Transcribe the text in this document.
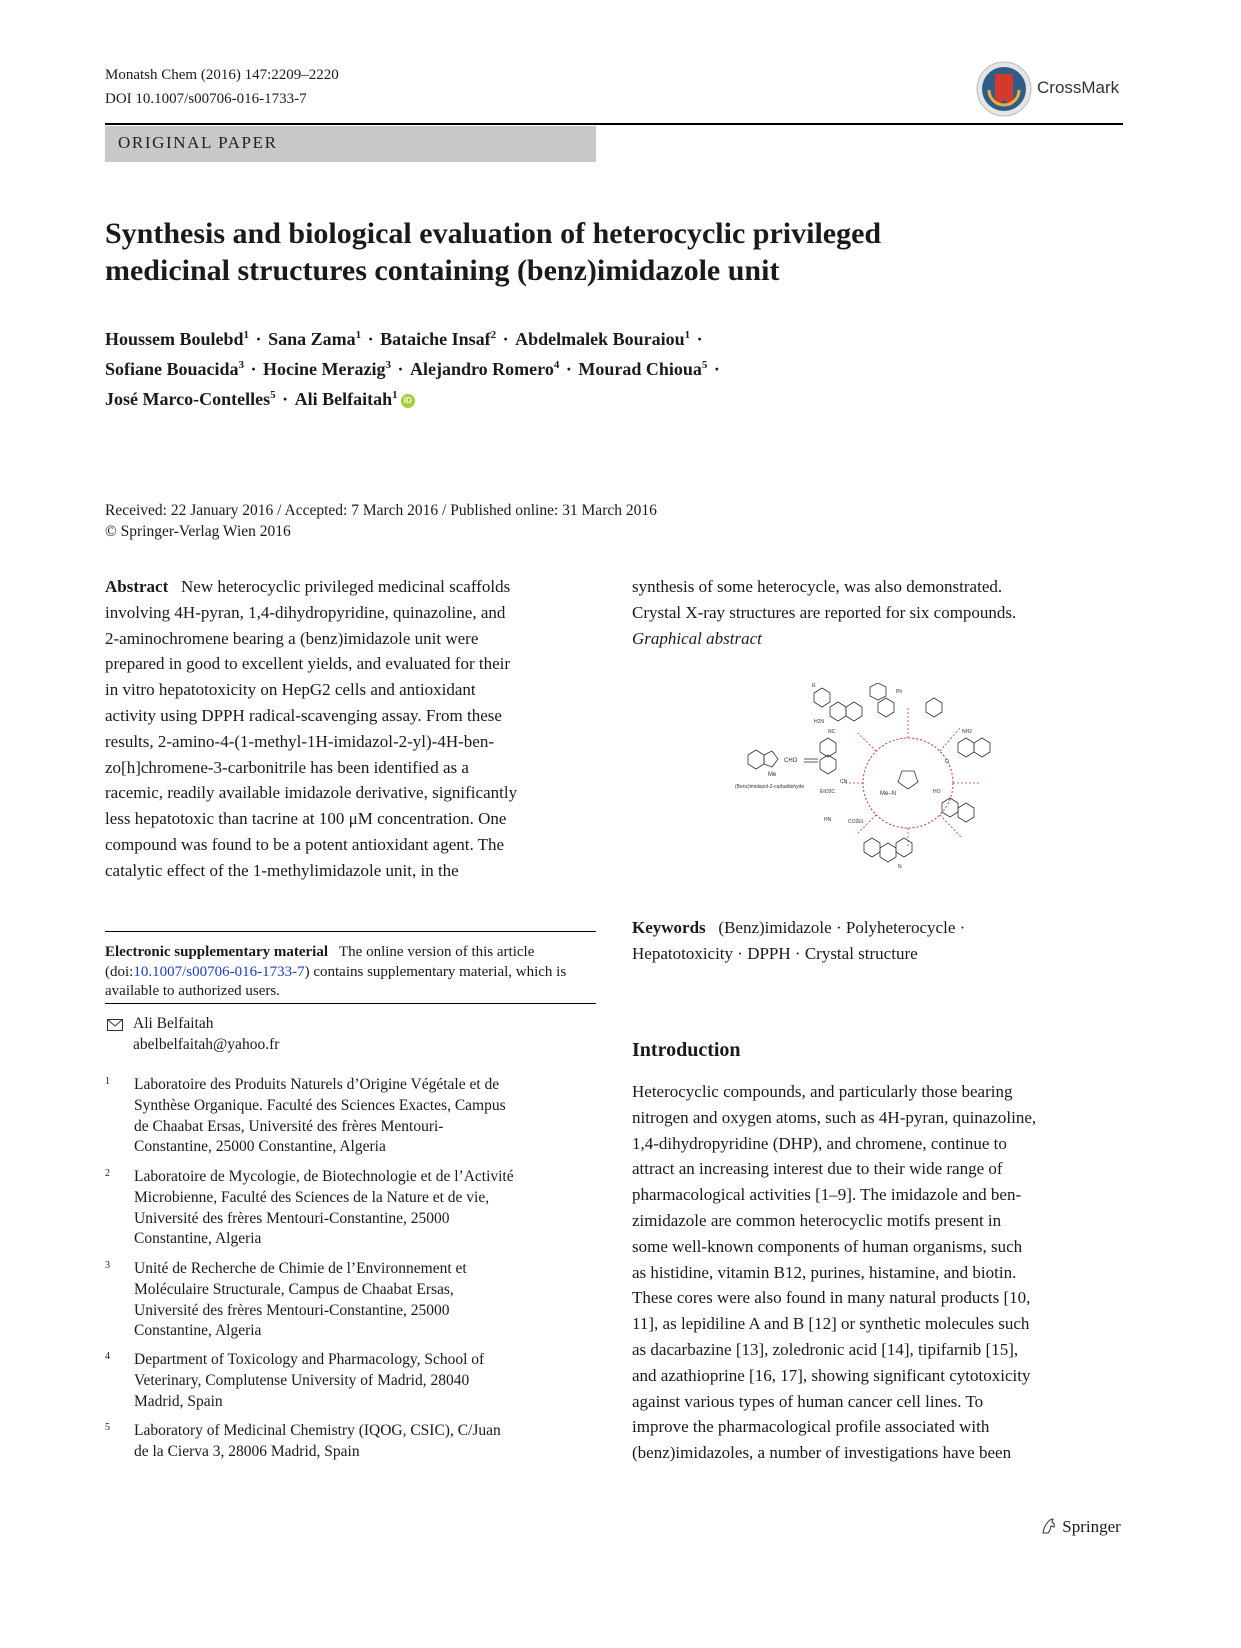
Monatsh Chem (2016) 147:2209–2220
DOI 10.1007/s00706-016-1733-7
CrossMark
ORIGINAL PAPER
Synthesis and biological evaluation of heterocyclic privileged
medicinal structures containing (benz)imidazole unit
Houssem Boulebd$^1$ · Sana Zama$^1$ · Bataiche Insaf$^2$ · Abdelmalek Bouraiou$^1$ ·
Sofiane Bouacida$^3$ · Hocine Merazig$^3$ · Alejandro Romero$^4$ · Mourad Chioua$^5$ ·
José Marco-Contelles$^5$ · Ali Belfaitah$^1$ iD
Received: 22 January 2016 / Accepted: 7 March 2016 / Published online: 31 March 2016
© Springer-Verlag Wien 2016
Abstract New heterocyclic privileged medicinal scaffolds
involving 4H-pyran, 1,4-dihydropyridine, quinazoline, and
2-aminochromene bearing a (benz)imidazole unit were
prepared in good to excellent yields, and evaluated for their
in vitro hepatotoxicity on HepG2 cells and antioxidant
activity using DPPH radical-scavenging assay. From these
results, 2-amino-4-(1-methyl-1H-imidazol-2-yl)-4H-ben-
zo[h]chromene-3-carbonitrile has been identified as a
racemic, readily available imidazole derivative, significantly
less hepatotoxic than tacrine at 100 μM concentration. One
compound was found to be a potent antioxidant agent. The
catalytic effect of the 1-methylimidazole unit, in the
synthesis of some heterocycle, was also demonstrated.
Crystal X-ray structures are reported for six compounds.
Graphical abstract
CHO
Me
(Benz)imidazol-2-carbaldehyde
Me–N
R
Ph
H2N
NC
CN
NH2
O
EtO2C
CO2Et
HN
N
HO
Keywords (Benz)imidazole · Polyheterocycle ·
Hepatotoxicity · DPPH · Crystal structure
Electronic supplementary material The online version of this article (doi:10.1007/s00706-016-1733-7) contains supplementary material, which is available to authorized users.
Ali Belfaitah
abelbelfaitah@yahoo.fr
1 Laboratoire des Produits Naturels d’Origine Végétale et de
Synthèse Organique. Faculté des Sciences Exactes, Campus
de Chaabat Ersas, Université des frères Mentouri-
Constantine, 25000 Constantine, Algeria
2 Laboratoire de Mycologie, de Biotechnologie et de l’Activité
Microbienne, Faculté des Sciences de la Nature et de vie,
Université des frères Mentouri-Constantine, 25000
Constantine, Algeria
3 Unité de Recherche de Chimie de l’Environnement et
Moléculaire Structurale, Campus de Chaabat Ersas,
Université des frères Mentouri-Constantine, 25000
Constantine, Algeria
4 Department of Toxicology and Pharmacology, School of
Veterinary, Complutense University of Madrid, 28040
Madrid, Spain
5 Laboratory of Medicinal Chemistry (IQOG, CSIC), C/Juan
de la Cierva 3, 28006 Madrid, Spain
Introduction
Heterocyclic compounds, and particularly those bearing
nitrogen and oxygen atoms, such as 4H-pyran, quinazoline,
1,4-dihydropyridine (DHP), and chromene, continue to
attract an increasing interest due to their wide range of
pharmacological activities [1–9]. The imidazole and ben-
zimidazole are common heterocyclic motifs present in
some well-known components of human organisms, such
as histidine, vitamin B12, purines, histamine, and biotin.
These cores were also found in many natural products [10,
11], as lepidiline A and B [12] or synthetic molecules such
as dacarbazine [13], zoledronic acid [14], tipifarnib [15],
and azathioprine [16, 17], showing significant cytotoxicity
against various types of human cancer cell lines. To
improve the pharmacological profile associated with
(benz)imidazoles, a number of investigations have been
Springer
